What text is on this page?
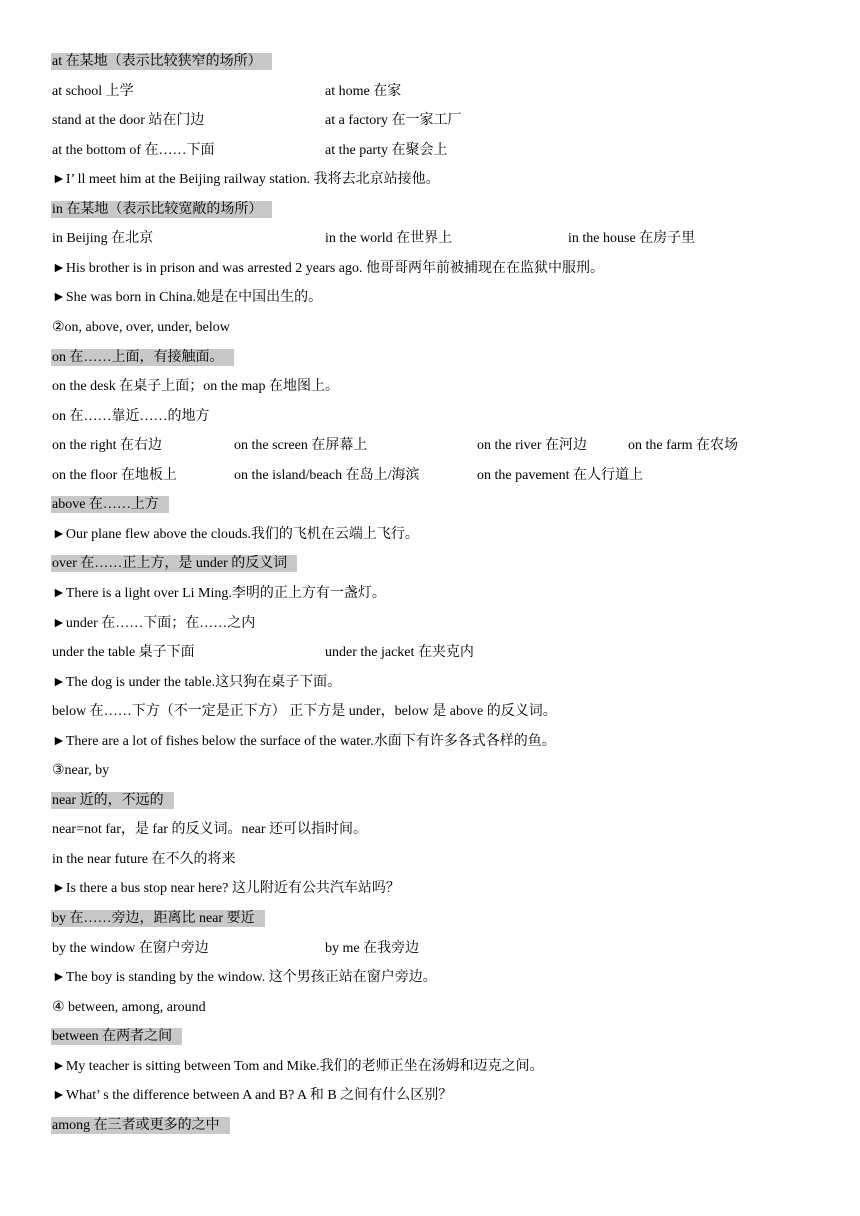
at 在某地（表示比较狭窄的场所）
at school 上学	at home 在家
stand at the door 站在门边	at a factory 在一家工厂
at the bottom of 在……下面	at the party 在聚会上
►I’ ll meet him at the Beijing railway station. 我将去北京站接他。
in 在某地（表示比较宽敞的场所）
in Beijing 在北京	in the world 在世界上	in the house 在房子里
►His brother is in prison and was arrested 2 years ago. 他哥哥两年前被捕现在在监狱中服刑。
►She was born in China.她是在中国出生的。
②on, above, over, under, below
on 在……上面，有接触面。
on the desk 在桌子上面；on the map 在地图上。
on 在……靠近……的地方
on the right 在右边	on the screen 在屏幕上	on the river 在河边	on the farm 在农场
on the floor 在地板上	on the island/beach 在岛上/海滨	on the pavement 在人行道上
above 在……上方
►Our plane flew above the clouds.我们的飞机在云端上飞行。
over 在……正上方，是 under 的反义词
►There is a light over Li Ming.李明的正上方有一盏灯。
►under 在……下面；在……之内
under the table 桌子下面	under the jacket 在夹克内
►The dog is under the table.这只狗在桌子下面。
below 在……下方（不一定是正下方） 正下方是 under，below 是 above 的反义词。
►There are a lot of fishes below the surface of the water.水面下有许多各式各样的鱼。
③near, by
near 近的，不远的
near=not far，是 far 的反义词。near 还可以指时间。
in the near future 在不久的将来
►Is there a bus stop near here? 这儿附近有公共汽车站吗？
by 在……旁边，距离比 near 要近
by the window 在窗户旁边	by me 在我旁边
►The boy is standing by the window. 这个男孩正站在窗户旁边。
④ between, among, around
between 在两者之间
►My teacher is sitting between Tom and Mike.我们的老师正坐在汤姆和迈克之间。
►What’ s the difference between A and B? A 和 B 之间有什么区别？
among 在三者或更多的之中
